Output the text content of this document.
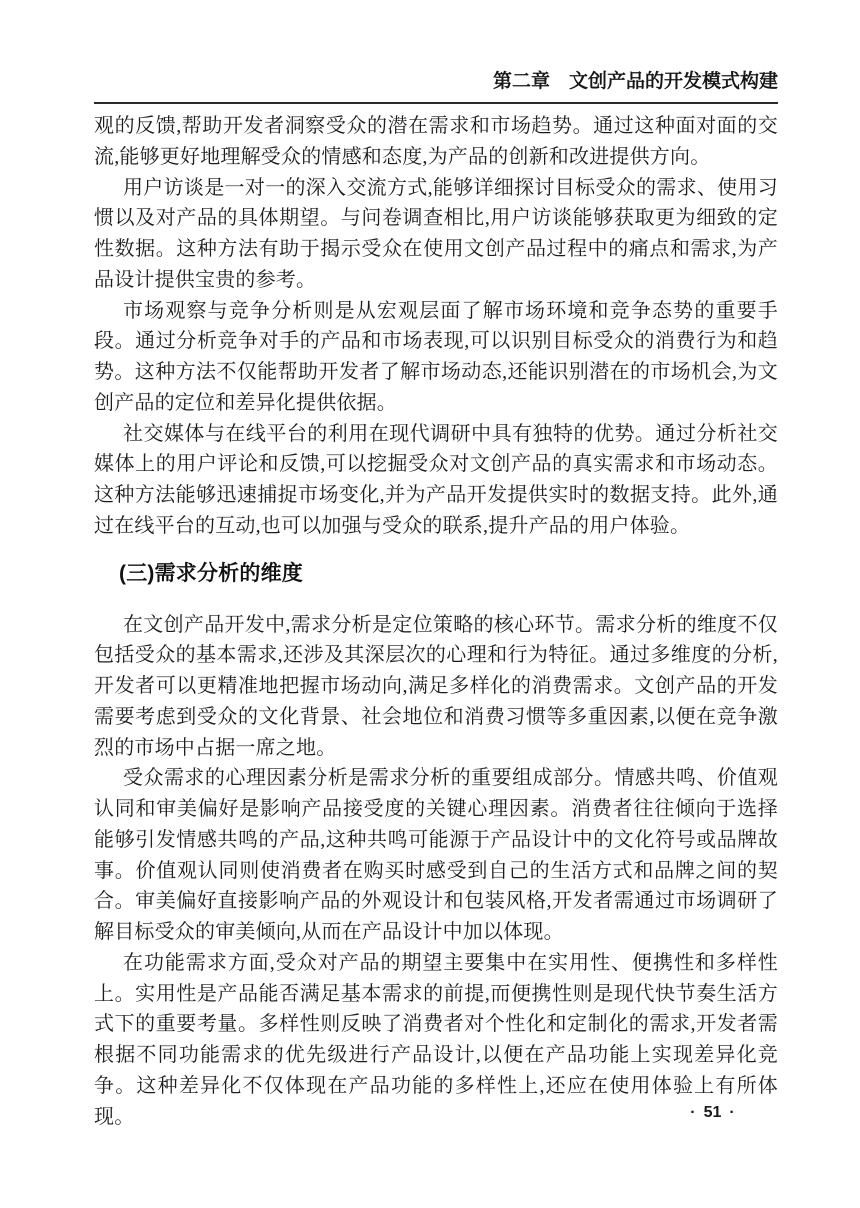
第二章 文创产品的开发模式构建

观的反馈,帮助开发者洞察受众的潜在需求和市场趋势。通过这种面对面的交流,能够更好地理解受众的情感和态度,为产品的创新和改进提供方向。

用户访谈是一对一的深入交流方式,能够详细探讨目标受众的需求、使用习惯以及对产品的具体期望。与问卷调查相比,用户访谈能够获取更为细致的定性数据。这种方法有助于揭示受众在使用文创产品过程中的痛点和需求,为产品设计提供宝贵的参考。

市场观察与竞争分析则是从宏观层面了解市场环境和竞争态势的重要手段。通过分析竞争对手的产品和市场表现,可以识别目标受众的消费行为和趋势。这种方法不仅能帮助开发者了解市场动态,还能识别潜在的市场机会,为文创产品的定位和差异化提供依据。

社交媒体与在线平台的利用在现代调研中具有独特的优势。通过分析社交媒体上的用户评论和反馈,可以挖掘受众对文创产品的真实需求和市场动态。这种方法能够迅速捕捉市场变化,并为产品开发提供实时的数据支持。此外,通过在线平台的互动,也可以加强与受众的联系,提升产品的用户体验。

(三)需求分析的维度

在文创产品开发中,需求分析是定位策略的核心环节。需求分析的维度不仅包括受众的基本需求,还涉及其深层次的心理和行为特征。通过多维度的分析,开发者可以更精准地把握市场动向,满足多样化的消费需求。文创产品的开发需要考虑到受众的文化背景、社会地位和消费习惯等多重因素,以便在竞争激烈的市场中占据一席之地。

受众需求的心理因素分析是需求分析的重要组成部分。情感共鸣、价值观认同和审美偏好是影响产品接受度的关键心理因素。消费者往往倾向于选择能够引发情感共鸣的产品,这种共鸣可能源于产品设计中的文化符号或品牌故事。价值观认同则使消费者在购买时感受到自己的生活方式和品牌之间的契合。审美偏好直接影响产品的外观设计和包装风格,开发者需通过市场调研了解目标受众的审美倾向,从而在产品设计中加以体现。

在功能需求方面,受众对产品的期望主要集中在实用性、便携性和多样性上。实用性是产品能否满足基本需求的前提,而便携性则是现代快节奏生活方式下的重要考量。多样性则反映了消费者对个性化和定制化的需求,开发者需根据不同功能需求的优先级进行产品设计,以便在产品功能上实现差异化竞争。这种差异化不仅体现在产品功能的多样性上,还应在使用体验上有所体现。	· 51 ·
